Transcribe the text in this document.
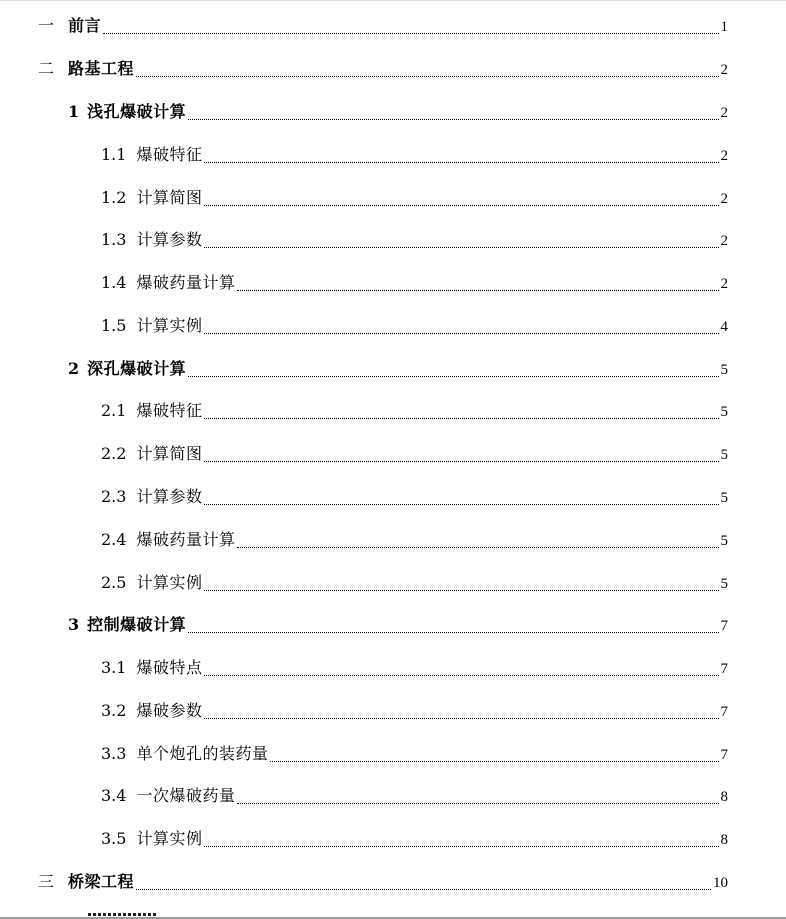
一 前言	1
二 路基工程	2
1 浅孔爆破计算	2
1.1 爆破特征	2
1.2 计算简图	2
1.3 计算参数	2
1.4 爆破药量计算	2
1.5 计算实例	4
2 深孔爆破计算	5
2.1 爆破特征	5
2.2 计算简图	5
2.3 计算参数	5
2.4 爆破药量计算	5
2.5 计算实例	5
3 控制爆破计算	7
3.1 爆破特点	7
3.2 爆破参数	7
3.3 单个炮孔的装药量	7
3.4 一次爆破药量	8
3.5 计算实例	8
三 桥梁工程	10
